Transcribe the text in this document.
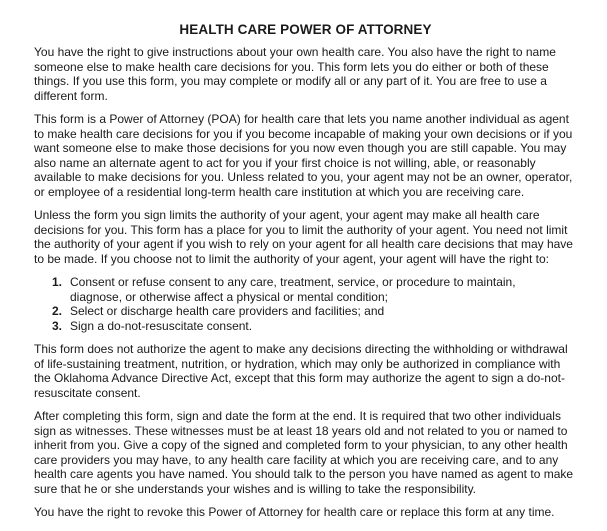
HEALTH CARE POWER OF ATTORNEY

You have the right to give instructions about your own health care. You also have the right to name someone else to make health care decisions for you. This form lets you do either or both of these things. If you use this form, you may complete or modify all or any part of it. You are free to use a different form.

This form is a Power of Attorney (POA) for health care that lets you name another individual as agent to make health care decisions for you if you become incapable of making your own decisions or if you want someone else to make those decisions for you now even though you are still capable. You may also name an alternate agent to act for you if your first choice is not willing, able, or reasonably available to make decisions for you. Unless related to you, your agent may not be an owner, operator, or employee of a residential long-term health care institution at which you are receiving care.

Unless the form you sign limits the authority of your agent, your agent may make all health care decisions for you. This form has a place for you to limit the authority of your agent. You need not limit the authority of your agent if you wish to rely on your agent for all health care decisions that may have to be made. If you choose not to limit the authority of your agent, your agent will have the right to:

1. Consent or refuse consent to any care, treatment, service, or procedure to maintain, diagnose, or otherwise affect a physical or mental condition;
2. Select or discharge health care providers and facilities; and
3. Sign a do-not-resuscitate consent.

This form does not authorize the agent to make any decisions directing the withholding or withdrawal of life-sustaining treatment, nutrition, or hydration, which may only be authorized in compliance with the Oklahoma Advance Directive Act, except that this form may authorize the agent to sign a do-not-resuscitate consent.

After completing this form, sign and date the form at the end. It is required that two other individuals sign as witnesses. These witnesses must be at least 18 years old and not related to you or named to inherit from you. Give a copy of the signed and completed form to your physician, to any other health care providers you may have, to any health care facility at which you are receiving care, and to any health care agents you have named. You should talk to the person you have named as agent to make sure that he or she understands your wishes and is willing to take the responsibility.

You have the right to revoke this Power of Attorney for health care or replace this form at any time.
